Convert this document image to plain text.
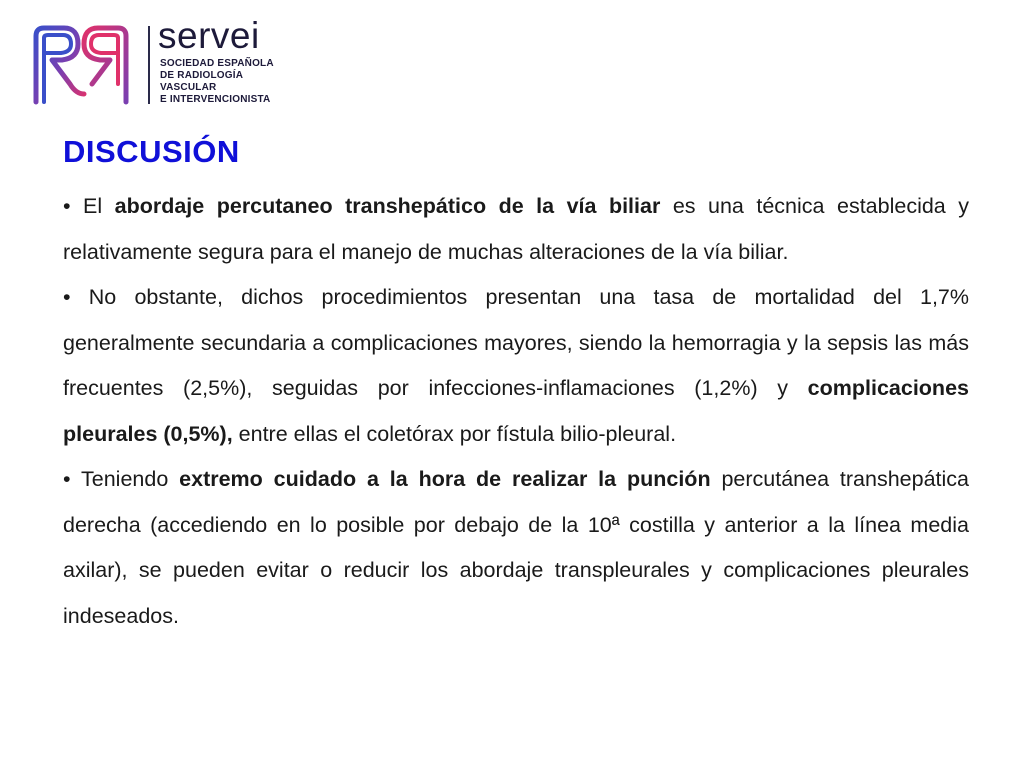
servei
SOCIEDAD ESPAÑOLA
DE RADIOLOGÍA
VASCULAR
E INTERVENCIONISTA
DISCUSIÓN

• El abordaje percutaneo transhepático de la vía biliar es una técnica establecida y relativamente segura para el manejo de muchas alteraciones de la vía biliar.

• No obstante, dichos procedimientos presentan una tasa de mortalidad del 1,7% generalmente secundaria a complicaciones mayores, siendo la hemorragia y la sepsis las más frecuentes (2,5%), seguidas por infecciones-inflamaciones (1,2%) y complicaciones pleurales (0,5%), entre ellas el coletórax por fístula bilio-pleural.

• Teniendo extremo cuidado a la hora de realizar la punción percutánea transhepática derecha (accediendo en lo posible por debajo de la 10ª costilla y anterior a la línea media axilar), se pueden evitar o reducir los abordaje transpleurales y complicaciones pleurales indeseados.
